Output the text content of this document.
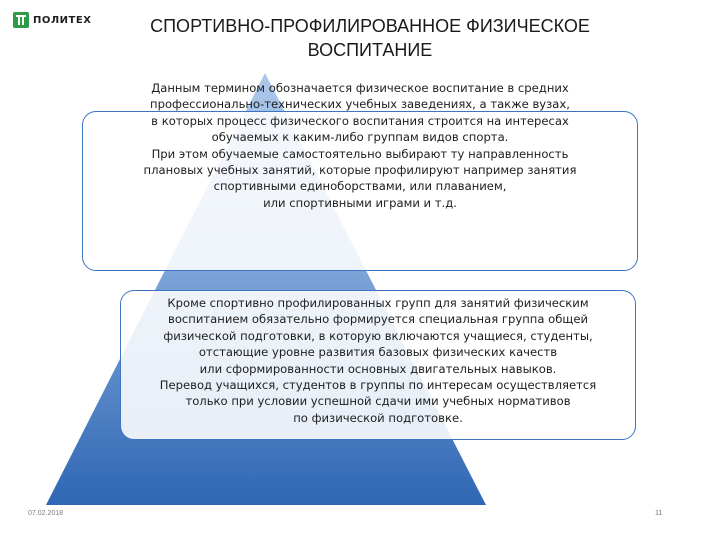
ПОЛИТЕХ	СПОРТИВНО-ПРОФИЛИРОВАННОЕ ФИЗИЧЕСКОЕ
ВОСПИТАНИЕ
Данным термином обозначается физическое воспитание в средних
профессионально-технических учебных заведениях, а также вузах,
в которых процесс физического воспитания строится на интересах
обучаемых к каким-либо группам видов спорта.
При этом обучаемые самостоятельно выбирают ту направленность
плановых учебных занятий, которые профилируют например занятия
спортивными единоборствами, или плаванием,
или спортивными играми и т.д.
Кроме спортивно профилированных групп для занятий физическим
воспитанием обязательно формируется специальная группа общей
физической подготовки, в которую включаются учащиеся, студенты,
отстающие уровне развития базовых физических качеств
или сформированности основных двигательных навыков.
Перевод учащихся, студентов в группы по интересам осуществляется
только при условии успешной сдачи ими учебных нормативов
по физической подготовке.
07.02.2018	11
